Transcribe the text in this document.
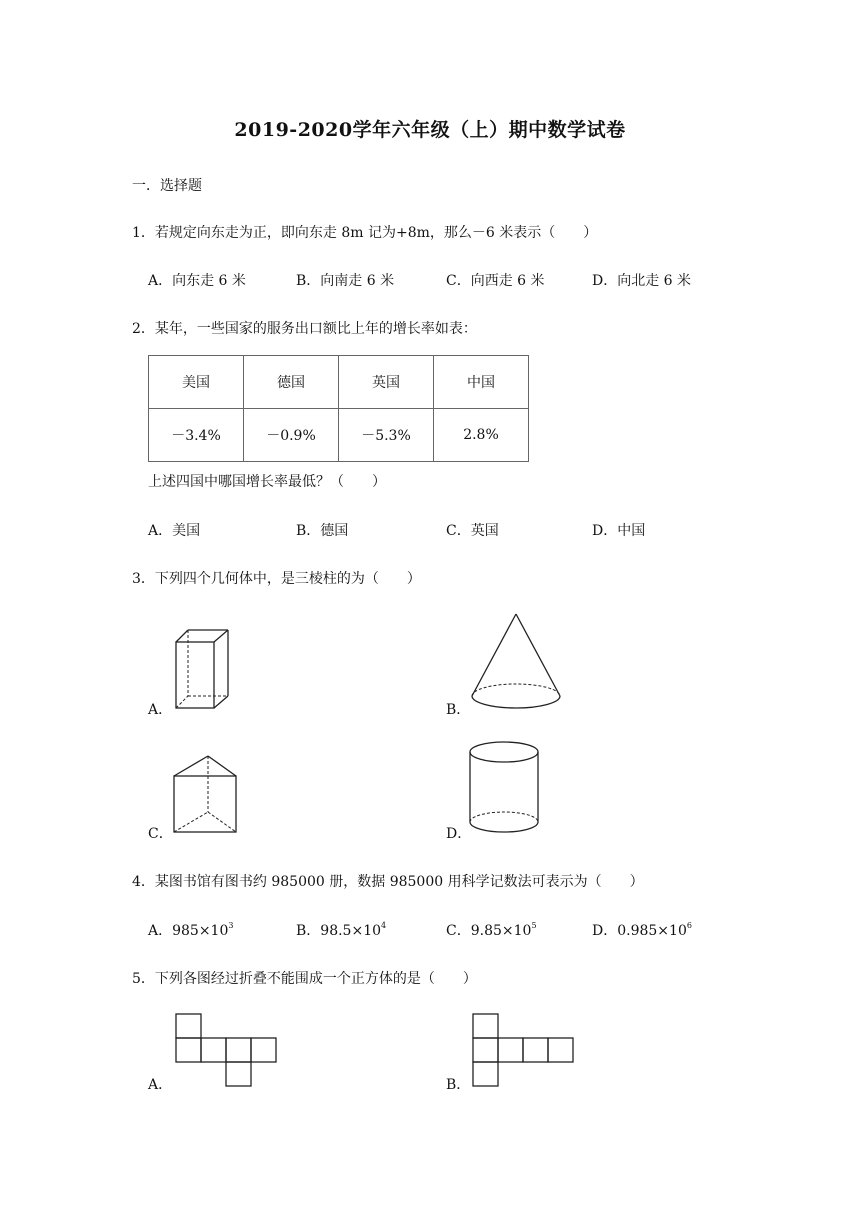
2019-2020学年六年级（上）期中数学试卷
一．选择题
1．若规定向东走为正，即向东走 8m 记为+8m，那么－6 米表示（　　）
A．向东走 6 米	B．向南走 6 米	C．向西走 6 米	D．向北走 6 米
2．某年，一些国家的服务出口额比上年的增长率如表：
美国	德国	英国	中国
－3.4%	－0.9%	－5.3%	2.8%
上述四国中哪国增长率最低？（　　）
A．美国	B．德国	C．英国	D．中国
3．下列四个几何体中，是三棱柱的为（　　）
A．	B．
C．	D．
4．某图书馆有图书约 985000 册，数据 985000 用科学记数法可表示为（　　）
A．$985\times 10^3$	B．$98.5\times 10^4$	C．$9.85\times 10^5$	D．$0.985\times 10^6$
5．下列各图经过折叠不能围成一个正方体的是（　　）
A．	B．
